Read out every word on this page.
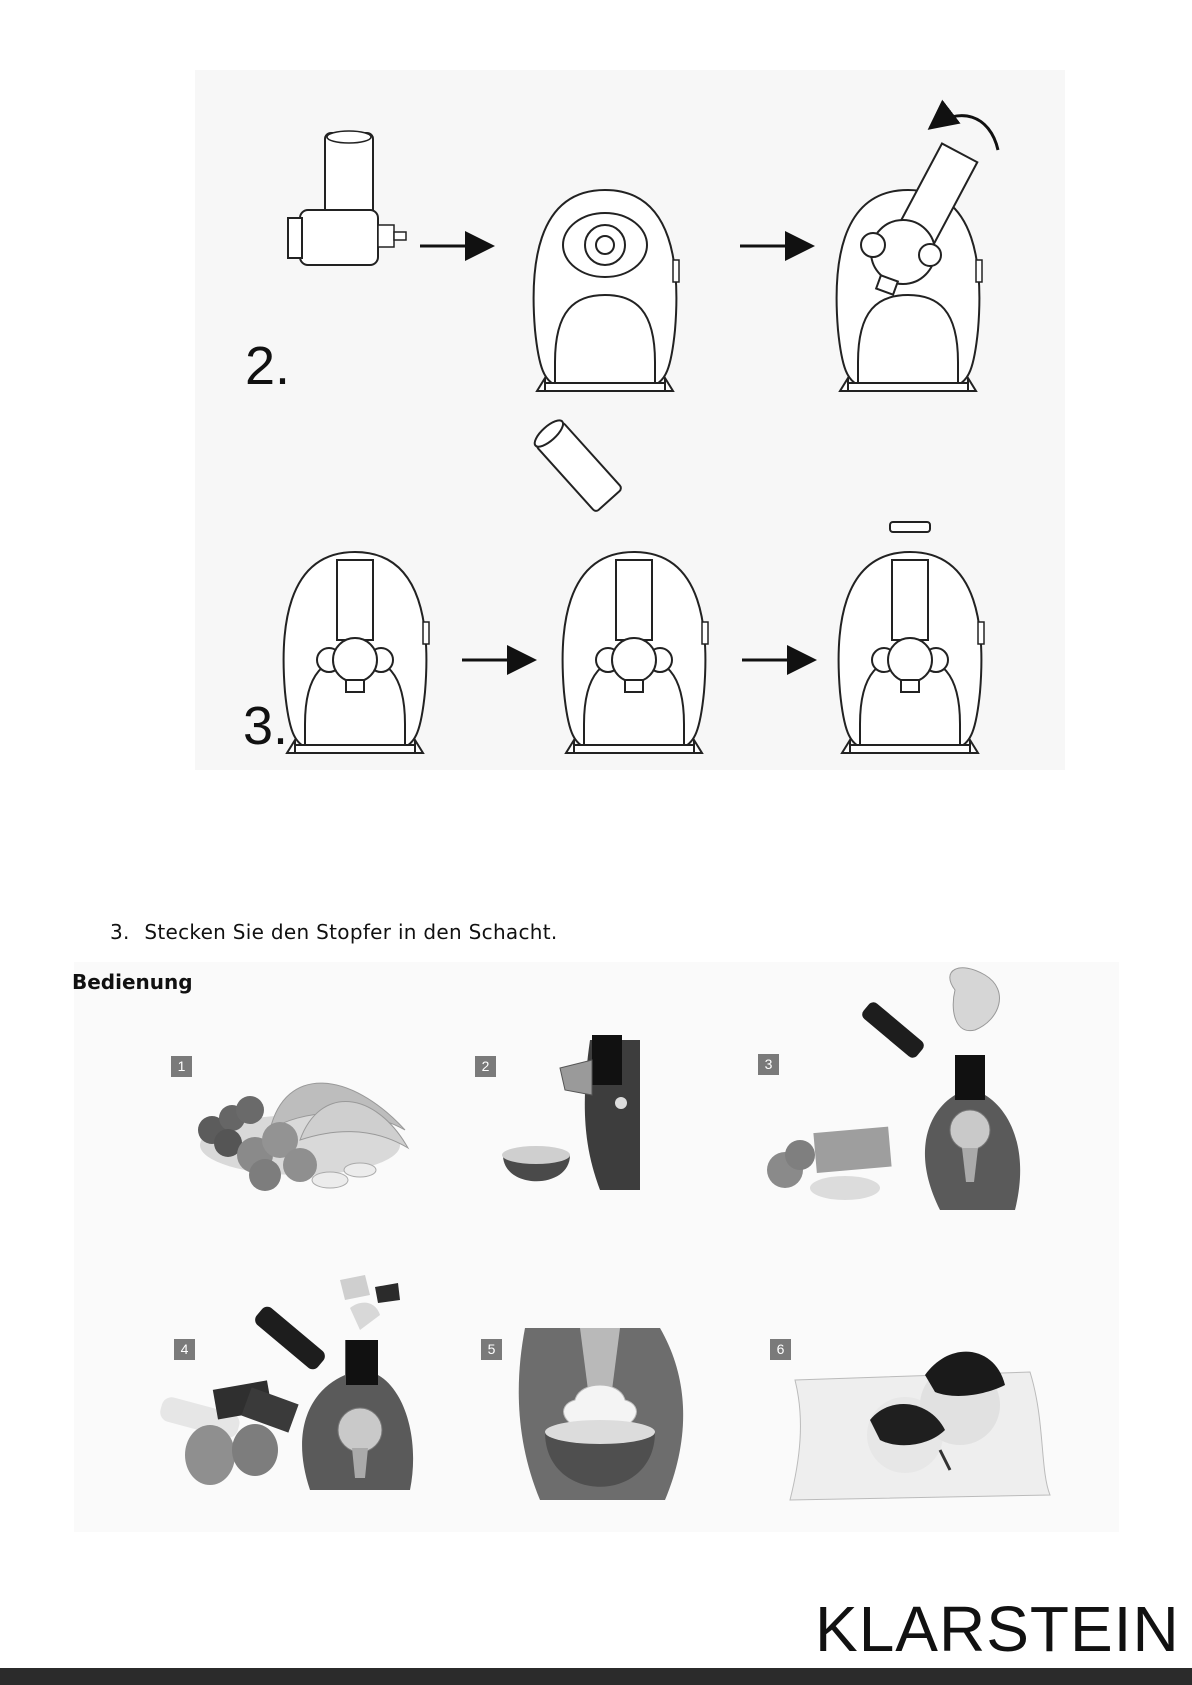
2.
3.
3. Stecken Sie den Stopfer in den Schacht.
Bedienung
1	2	3
4	5	6
KLARSTEIN
